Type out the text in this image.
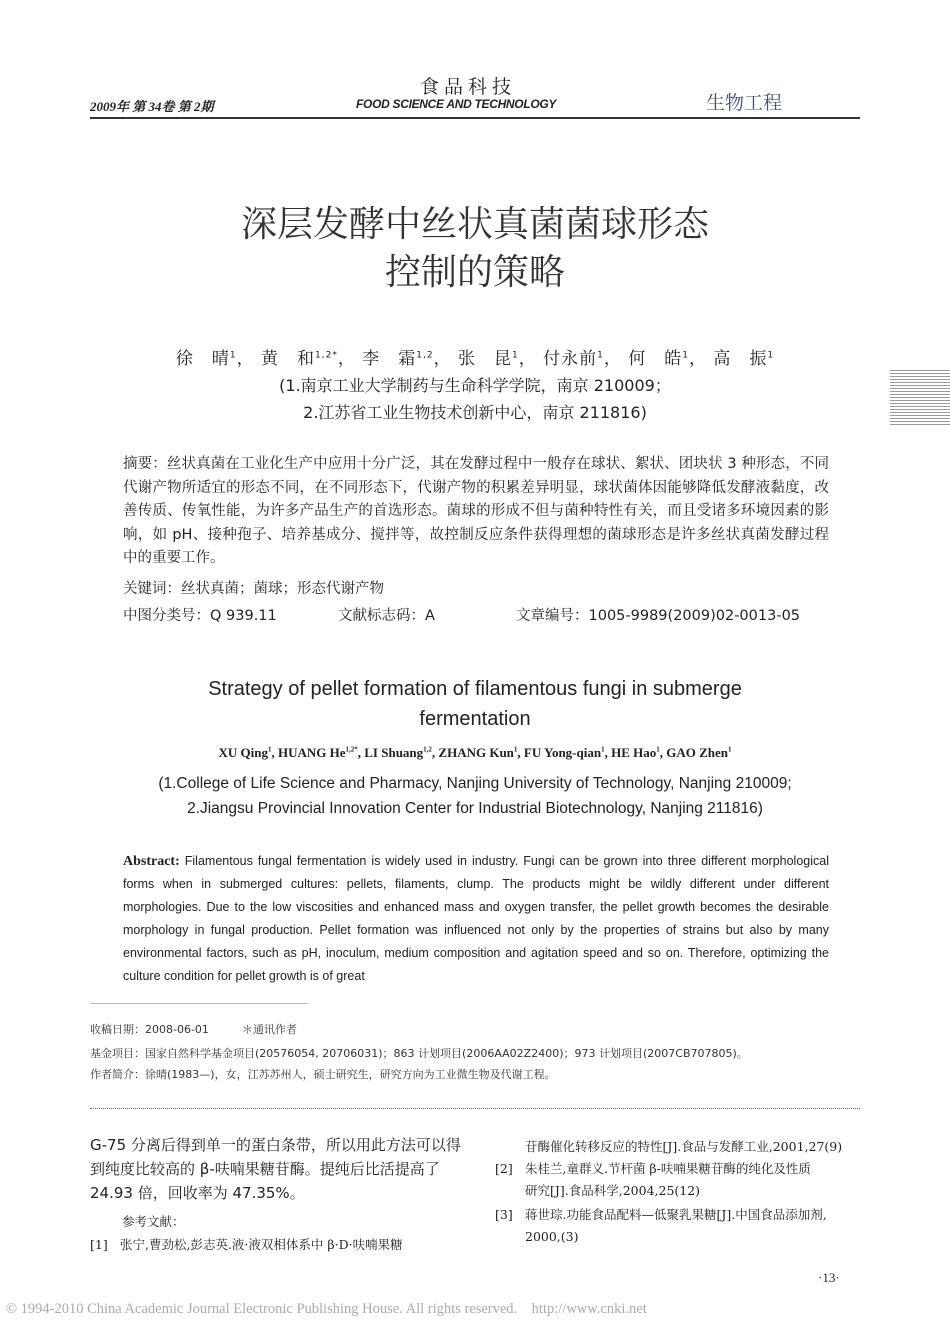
2009年 第 34卷 第 2期
食品科技
FOOD SCIENCE AND TECHNOLOGY	生物工程
深层发酵中丝状真菌菌球形态
控制的策略
徐　晴$^1$， 黄　和$^{1,2*}$， 李　霜$^{1,2}$， 张　昆$^1$， 付永前$^1$， 何　皓$^1$， 高　振$^1$
(1.南京工业大学制药与生命科学学院，南京 210009；
2.江苏省工业生物技术创新中心，南京 211816)
摘要：丝状真菌在工业化生产中应用十分广泛，其在发酵过程中一般存在球状、絮状、团块状 3 种形态，不同代谢产物所适宜的形态不同，在不同形态下，代谢产物的积累差异明显，球状菌体因能够降低发酵液黏度，改善传质、传氧性能，为许多产品生产的首选形态。菌球的形成不但与菌种特性有关，而且受诸多环境因素的影响，如 pH、接种孢子、培养基成分、搅拌等，故控制反应条件获得理想的菌球形态是许多丝状真菌发酵过程中的重要工作。
关键词：丝状真菌；菌球；形态代谢产物
中图分类号：Q 939.11	文献标志码：A	文章编号：1005-9989(2009)02-0013-05
Strategy of pellet formation of filamentous fungi in submerge
fermentation
XU Qing$^1$, HUANG $He^{1,2*}$, LI Shuang$^{1,2}$, ZHANG Kun$^1$, FU Yong-qian$^1$, HE Hao$^1$, GAO Zhen$^1$
(1.College of Life Science and Pharmacy, Nanjing University of Technology, Nanjing 210009;
2.Jiangsu Provincial Innovation Center for Industrial Biotechnology, Nanjing 211816)
Abstract: Filamentous fungal fermentation is widely used in industry. Fungi can be grown into three different morphological forms when in submerged cultures: pellets, filaments, clump. The products might be wildly different under different morphologies. Due to the low viscosities and enhanced mass and oxygen transfer, the pellet growth becomes the desirable morphology in fungal production. Pellet formation was influenced not only by the properties of strains but also by many environmental factors, such as pH, inoculum, medium composition and agitation speed and so on. Therefore, optimizing the culture condition for pellet growth is of great
收稿日期：2008-06-01　　　＊通讯作者
基金项目：国家自然科学基金项目(20576054, 20706031)；863 计划项目(2006AA02Z2400)；973 计划项目(2007CB707805)。
作者简介：徐晴(1983—)，女，江苏苏州人，硕士研究生，研究方向为工业微生物及代谢工程。
G-75 分离后得到单一的蛋白条带，所以用此方法可以得到纯度比较高的 β-呋喃果糖苷酶。提纯后比活提高了 24.93 倍，回收率为 47.35%。
参考文献：
[1] 张宁,曹劲松,彭志英.液·液双相体系中 β·D·呋喃果糖
苷酶催化转移反应的特性[J].食品与发酵工业,2001,27(9)
[2] 朱桂兰,童群义.节杆菌 β-呋喃果糖苷酶的纯化及性质
研究[J].食品科学,2004,25(12)
[3] 蒋世琮.功能食品配料—低聚乳果糖[J].中国食品添加剂,
2000,(3)
·13·
© 1994-2010 China Academic Journal Electronic Publishing House. All rights reserved.　http://www.cnki.net
